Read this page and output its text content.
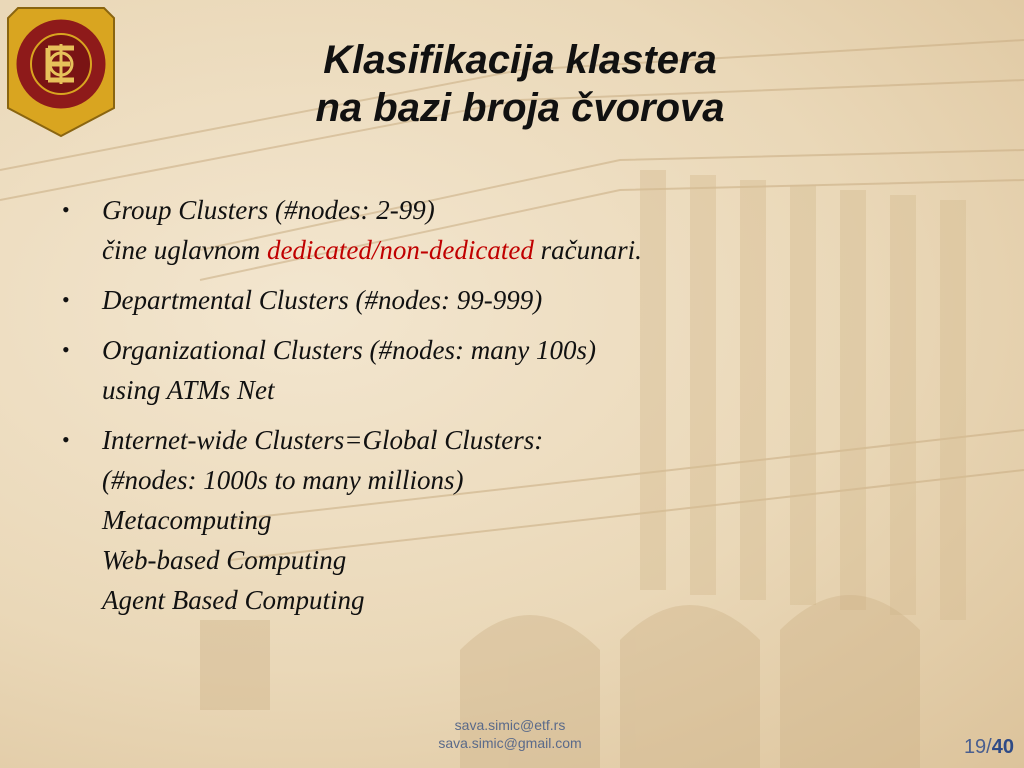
Klasifikacija klastera
na bazi broja čvorova
• Group Clusters (#nodes: 2-99)
čine uglavnom dedicated/non-dedicated računari.
• Departmental Clusters (#nodes: 99-999)
• Organizational Clusters (#nodes: many 100s)
using ATMs Net
• Internet-wide Clusters=Global Clusters:
(#nodes: 1000s to many millions)
Metacomputing
Web-based Computing
Agent Based Computing
sava.simic@etf.rs
sava.simic@gmail.com	19/40
